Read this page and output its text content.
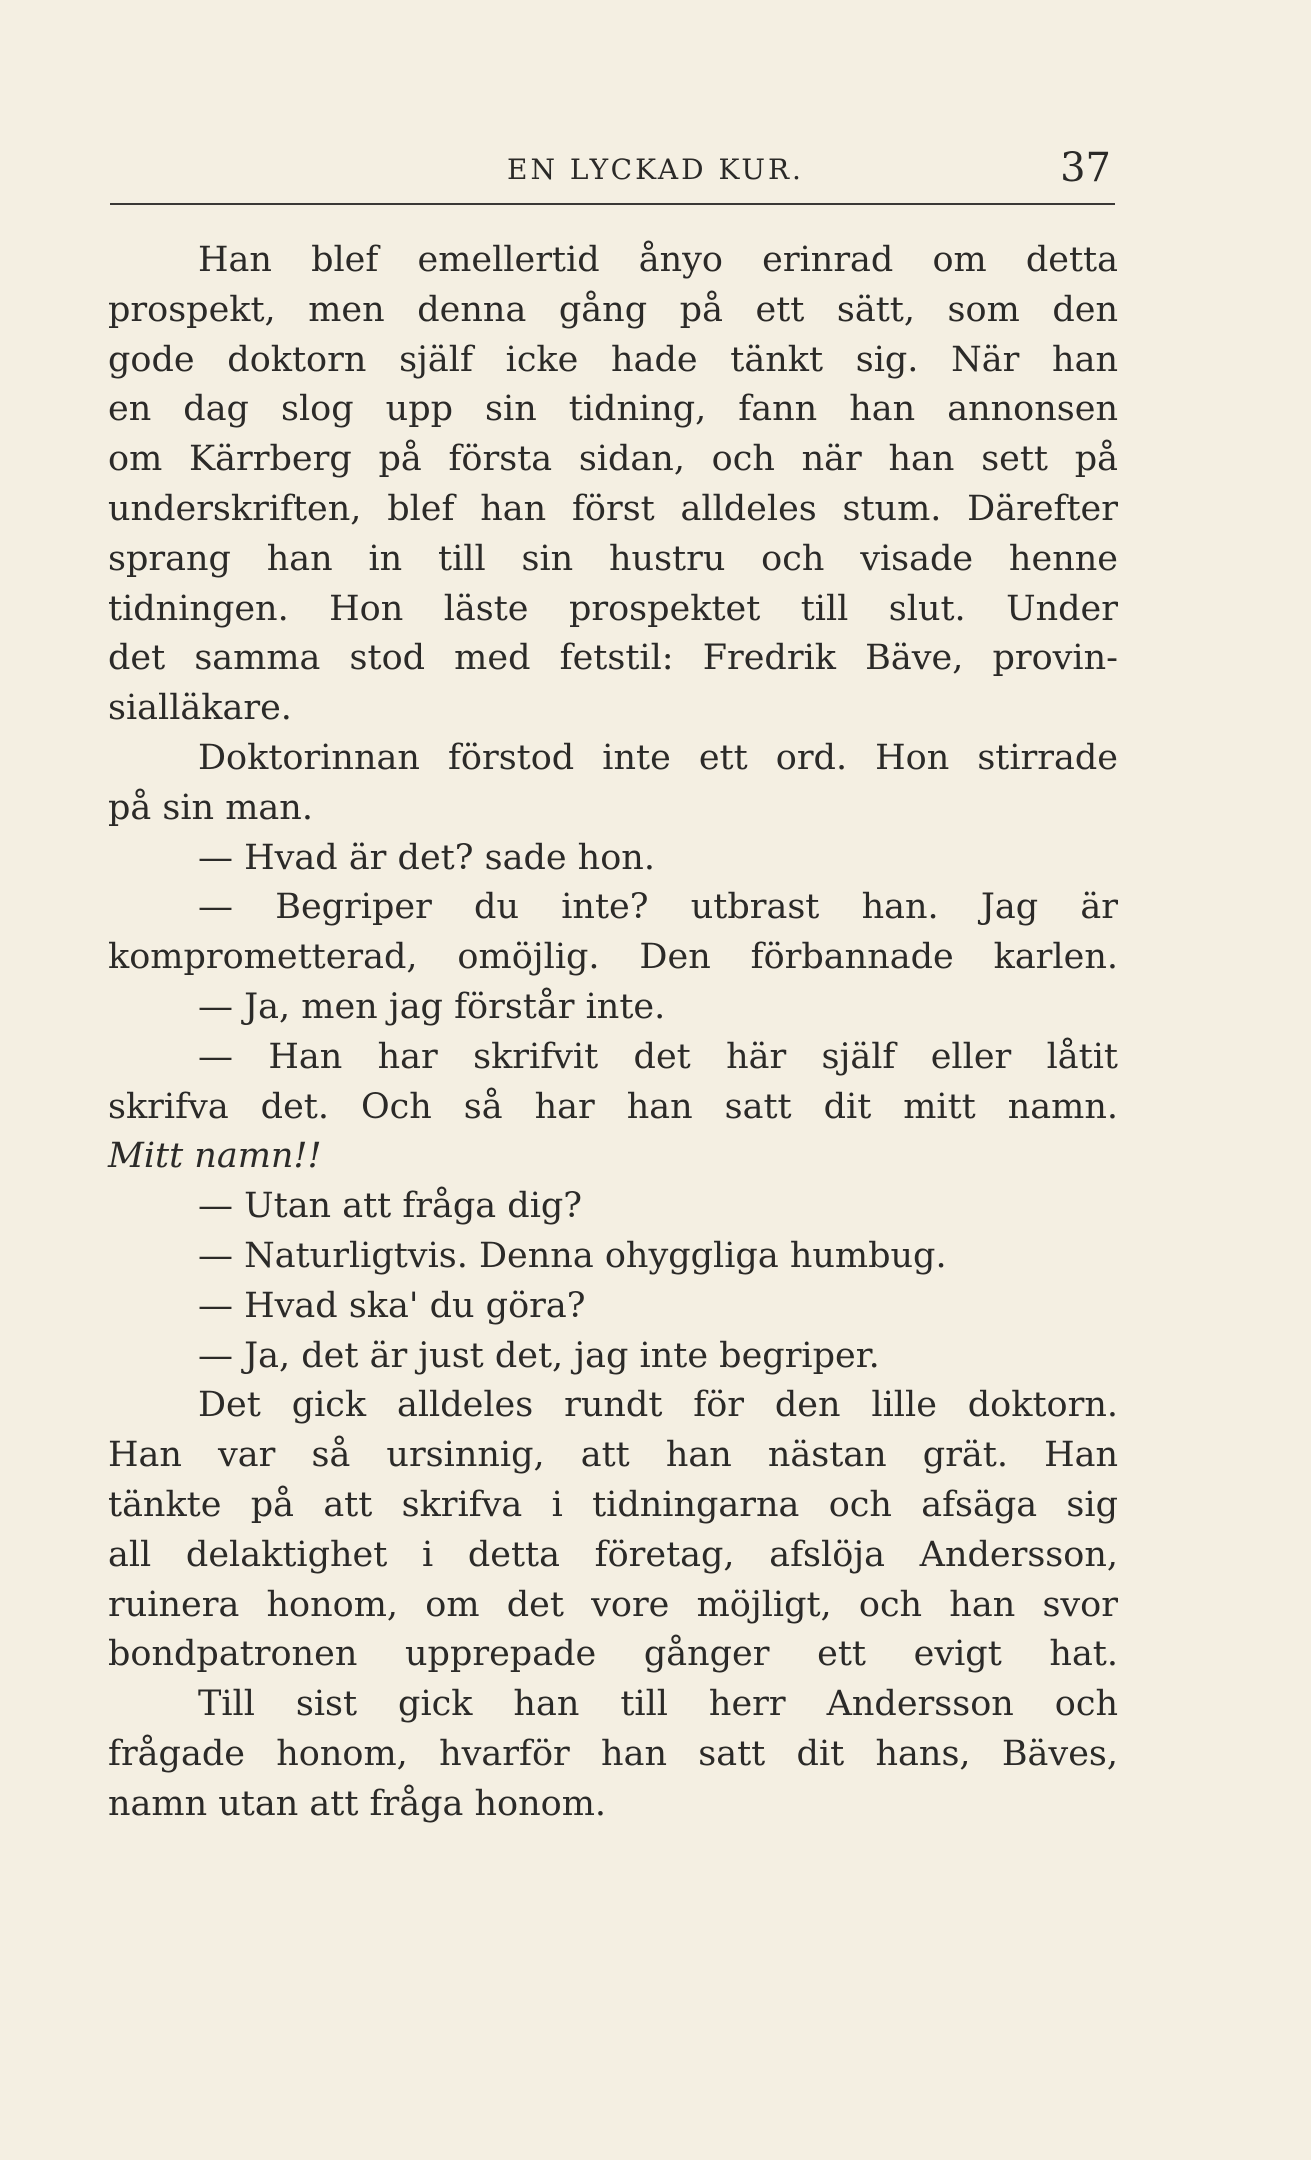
EN LYCKAD KUR.	37
Han blef emellertid ånyo erinrad om detta
prospekt, men denna gång på ett sätt, som den
gode doktorn själf icke hade tänkt sig. När han
en dag slog upp sin tidning, fann han annonsen
om Kärrberg på första sidan, och när han sett på
underskriften, blef han först alldeles stum. Därefter
sprang han in till sin hustru och visade henne
tidningen. Hon läste prospektet till slut. Under
det samma stod med fetstil: Fredrik Bäve, provin-
sialläkare.
Doktorinnan förstod inte ett ord. Hon stirrade
på sin man.
— Hvad är det? sade hon.
— Begriper du inte? utbrast han. Jag är
komprometterad, omöjlig. Den förbannade karlen.
— Ja, men jag förstår inte.
— Han har skrifvit det här själf eller låtit
skrifva det. Och så har han satt dit mitt namn.
Mitt namn!!
— Utan att fråga dig?
— Naturligtvis. Denna ohyggliga humbug.
— Hvad ska' du göra?
— Ja, det är just det, jag inte begriper.
Det gick alldeles rundt för den lille doktorn.
Han var så ursinnig, att han nästan grät. Han
tänkte på att skrifva i tidningarna och afsäga sig
all delaktighet i detta företag, afslöja Andersson,
ruinera honom, om det vore möjligt, och han svor
bondpatronen upprepade gånger ett evigt hat.
Till sist gick han till herr Andersson och
frågade honom, hvarför han satt dit hans, Bäves,
namn utan att fråga honom.
